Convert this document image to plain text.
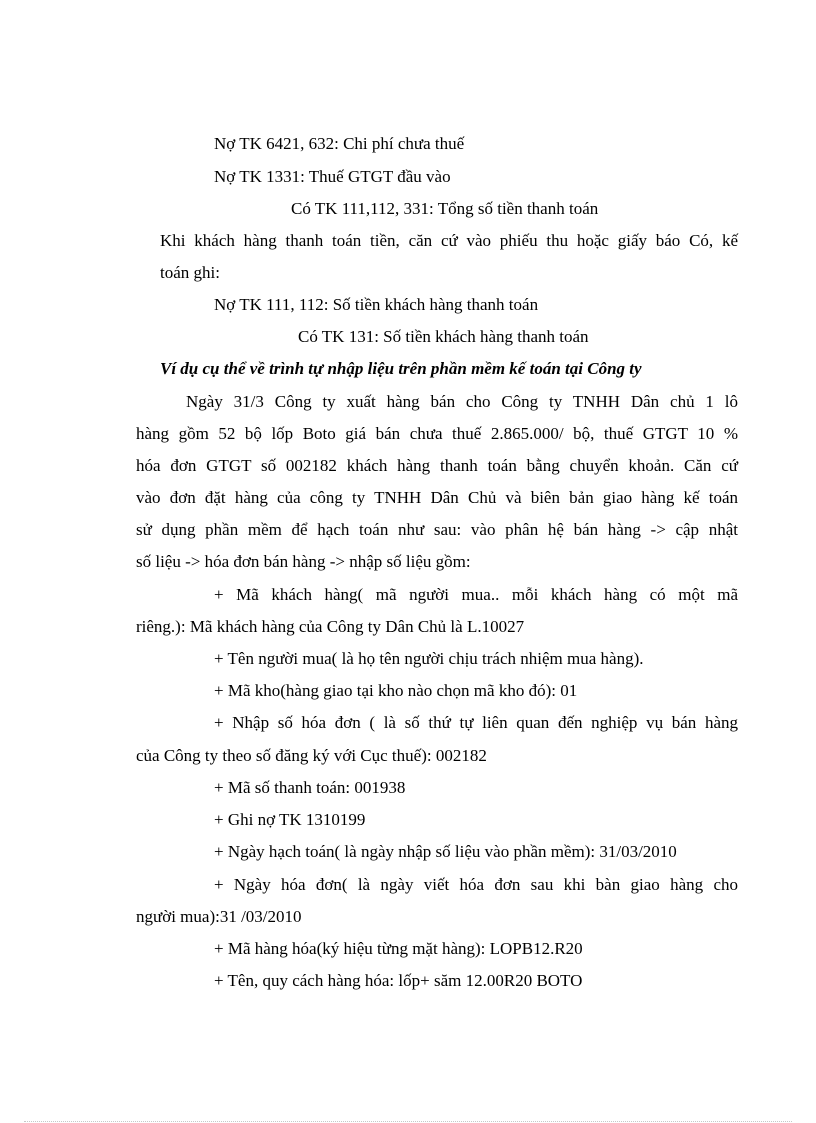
Nợ TK 6421, 632: Chi phí chưa thuế
Nợ TK 1331: Thuế GTGT đầu vào
Có TK 111,112, 331: Tổng số tiền thanh toán
Khi khách hàng thanh toán tiền, căn cứ vào phiếu thu hoặc giấy báo Có, kế
toán ghi:
Nợ TK 111, 112: Số tiền khách hàng thanh toán
Có TK 131: Số tiền khách hàng thanh toán
Ví dụ cụ thể về trình tự nhập liệu trên phần mềm kế toán tại Công ty
Ngày 31/3 Công ty xuất hàng bán cho Công ty TNHH Dân chủ 1 lô
hàng gồm 52 bộ lốp Boto giá bán chưa thuế 2.865.000/ bộ, thuế GTGT 10 %
hóa đơn GTGT số 002182 khách hàng thanh toán bằng chuyển khoản. Căn cứ
vào đơn đặt hàng của công ty TNHH Dân Chủ và biên bản giao hàng kế toán
sử dụng phần mềm để hạch toán như sau: vào phân hệ bán hàng -> cập nhật
số liệu -> hóa đơn bán hàng -> nhập số liệu gồm:
+ Mã khách hàng( mã người mua.. mỗi khách hàng có một mã
riêng.): Mã khách hàng của Công ty Dân Chủ là L.10027
+ Tên người mua( là họ tên người chịu trách nhiệm mua hàng).
+ Mã kho(hàng giao tại kho nào chọn mã kho đó): 01
+ Nhập số hóa đơn ( là số thứ tự liên quan đến nghiệp vụ bán hàng
của Công ty theo số đăng ký với Cục thuế): 002182
+ Mã số thanh toán: 001938
+ Ghi nợ TK 1310199
+ Ngày hạch toán( là ngày nhập số liệu vào phần mềm): 31/03/2010
+ Ngày hóa đơn( là ngày viết hóa đơn sau khi bàn giao hàng cho
người mua):31 /03/2010
+ Mã hàng hóa(ký hiệu từng mặt hàng): LOPB12.R20
+ Tên, quy cách hàng hóa: lốp+ săm 12.00R20 BOTO
